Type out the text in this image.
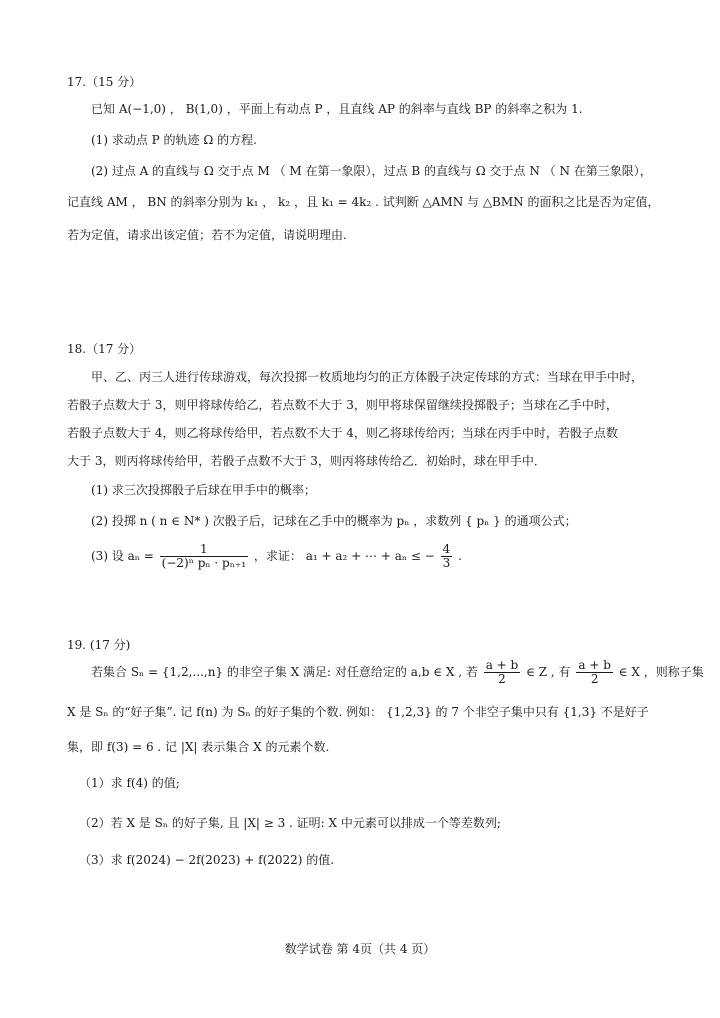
17.（15 分）
已知 A(−1,0) ， B(1,0) ，平面上有动点 P ，且直线 AP 的斜率与直线 BP 的斜率之积为 1.
(1) 求动点 P 的轨迹 Ω 的方程.
(2) 过点 A 的直线与 Ω 交于点 M （ M 在第一象限），过点 B 的直线与 Ω 交于点 N （ N 在第三象限），
记直线 AM ， BN 的斜率分别为 k₁ ， k₂ ，且 k₁ = 4k₂ . 试判断 △AMN 与 △BMN 的面积之比是否为定值，
若为定值，请求出该定值；若不为定值，请说明理由.
18.（17 分）
甲、乙、丙三人进行传球游戏，每次投掷一枚质地均匀的正方体骰子决定传球的方式：当球在甲手中时，
若骰子点数大于 3，则甲将球传给乙，若点数不大于 3，则甲将球保留继续投掷骰子；当球在乙手中时，
若骰子点数大于 4，则乙将球传给甲，若点数不大于 4，则乙将球传给丙；当球在丙手中时，若骰子点数
大于 3，则丙将球传给甲，若骰子点数不大于 3，则丙将球传给乙．初始时，球在甲手中．
(1) 求三次投掷骰子后球在甲手中的概率；
(2) 投掷 n ( n ∈ N* ) 次骰子后，记球在乙手中的概率为 pₙ ，求数列 { pₙ } 的通项公式；
(3) 设 $a_n = \frac{1}{\text{(−2)ⁿ pₙ · pₙ₊₁}}$ ，求证： a₁ + a₂ + ⋯ + aₙ ≤ − $\frac{4}{3}$ .
19. (17 分)
若集合 Sₙ = {1,2,...,n} 的非空子集 X 满足: 对任意给定的 a,b ∈ X , 若 $\frac{a + b}{2}$ ∈ Z , 有 $\frac{a + b}{2}$ ∈ X ，则称子集
X 是 Sₙ 的“好子集”. 记 f(n) 为 Sₙ 的好子集的个数. 例如： {1,2,3} 的 7 个非空子集中只有 {1,3} 不是好子
集，即 f(3) = 6 . 记 |X| 表示集合 X 的元素个数.
（1）求 f(4) 的值;
（2）若 X 是 Sₙ 的好子集, 且 |X| ≥ 3 . 证明: X 中元素可以排成一个等差数列;
（3）求 f(2024) − 2f(2023) + f(2022) 的值.
数学试卷 第 4页（共 4 页）
